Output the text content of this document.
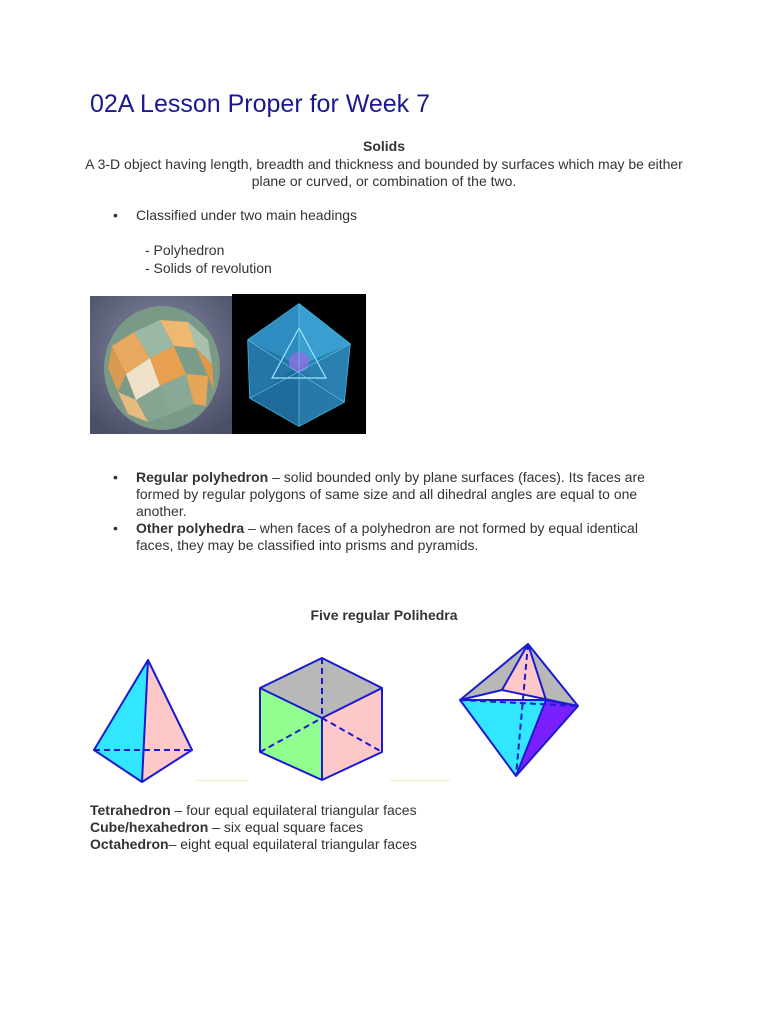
02A Lesson Proper for Week 7
Solids
A 3-D object having length, breadth and thickness and bounded by surfaces which may be either plane or curved, or combination of the two.
• Classified under two main headings
- Polyhedron
- Solids of revolution
• Regular polyhedron – solid bounded only by plane surfaces (faces). Its faces are formed by regular polygons of same size and all dihedral angles are equal to one another.
• Other polyhedra – when faces of a polyhedron are not formed by equal identical faces, they may be classified into prisms and pyramids.
Five regular Polihedra
Tetrahedron – four equal equilateral triangular faces
Cube/hexahedron – six equal square faces
Octahedron– eight equal equilateral triangular faces
